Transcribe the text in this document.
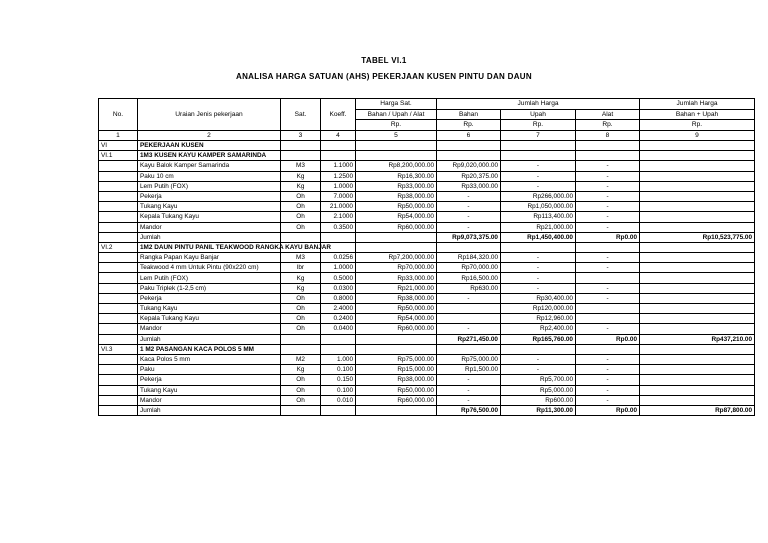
TABEL VI.1
ANALISA HARGA SATUAN (AHS) PEKERJAAN KUSEN PINTU DAN DAUN
No.	Uraian Jenis pekerjaan	Sat.	Koeff.	Harga Sat.	Jumlah Harga			Jumlah Harga
				Bahan / Upah / Alat	Bahan	Upah	Alat	Bahan + Upah
				Rp.	Rp.	Rp.	Rp.	Rp.
1	2	3	4	5	6	7	8	9
VI	PEKERJAAN KUSEN							
VI.1	1M3 KUSEN KAYU KAMPER SAMARINDA							
	Kayu Balok Kamper Samarinda	M3	1.1000	Rp8,200,000.00	Rp9,020,000.00	-	-	
	Paku 10 cm	Kg	1.2500	Rp16,300.00	Rp20,375.00	-	-	
	Lem Putih (FOX)	Kg	1.0000	Rp33,000.00	Rp33,000.00	-	-	
	Pekerja	Oh	7.0000	Rp38,000.00	-	Rp266,000.00	-	
	Tukang Kayu	Oh	21.0000	Rp50,000.00	-	Rp1,050,000.00	-	
	Kepala Tukang Kayu	Oh	2.1000	Rp54,000.00	-	Rp113,400.00	-	
	Mandor	Oh	0.3500	Rp60,000.00	-	Rp21,000.00	-	
	Jumlah				Rp9,073,375.00	Rp1,450,400.00	Rp0.00	Rp10,523,775.00
VI.2	1M2 DAUN PINTU PANIL TEAKWOOD RANGKA KAYU BANJAR							
	Rangka Papan Kayu Banjar	M3	0.0256	Rp7,200,000.00	Rp184,320.00	-	-	
	Teakwood 4 mm Untuk Pintu (90x220 cm)	lbr	1.0000	Rp70,000.00	Rp70,000.00	-	-	
	Lem Putih (FOX)	Kg	0.5000	Rp33,000.00	Rp16,500.00	-		
	Paku Triplek (1-2,5 cm)	Kg	0.0300	Rp21,000.00	Rp630.00	-	-	
	Pekerja	Oh	0.8000	Rp38,000.00	-	Rp30,400.00	-	
	Tukang Kayu	Oh	2.4000	Rp50,000.00		Rp120,000.00		
	Kepala Tukang Kayu	Oh	0.2400	Rp54,000.00		Rp12,960.00		
	Mandor	Oh	0.0400	Rp60,000.00	-	Rp2,400.00	-	
	Jumlah				Rp271,450.00	Rp165,760.00	Rp0.00	Rp437,210.00
VI.3	1 M2 PASANGAN KACA POLOS 5 MM							
	Kaca Polos 5 mm	M2	1.000	Rp75,000.00	Rp75,000.00	-	-	
	Paku	Kg	0.100	Rp15,000.00	Rp1,500.00	-	-	
	Pekerja	Oh	0.150	Rp38,000.00	-	Rp5,700.00	-	
	Tukang Kayu	Oh	0.100	Rp50,000.00	-	Rp5,000.00	-	
	Mandor	Oh	0.010	Rp60,000.00	-	Rp600.00	-	
	Jumlah				Rp76,500.00	Rp11,300.00	Rp0.00	Rp87,800.00
